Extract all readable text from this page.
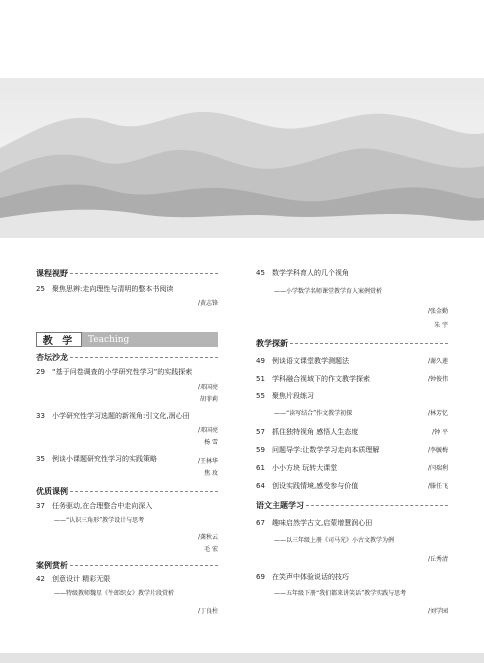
课程视野
25 聚焦思辨:走向理性与清明的整本书阅读
/黄志锋
教 学	Teaching
杏坛沙龙
29 “基于问卷调查的小学研究性学习”的实践探索
/邓国亮
胡菲莉
33 小学研究性学习选题的新视角:引文化,润心田
/邓国亮
杨 雪
35 例谈小课题研究性学习的实践策略	/王林华
焦 玫
优质课例
37 任务驱动,在合理整合中走向深入
——“认识三角形”教学设计与思考
/龚秋云
毛 宏
案例赏析
42 创意设计 精彩无限
——特级教师魏星《牛郎织女》教学片段赏析
/丁良柱
45 数学学科育人的几个视角
——小学数学名师课堂教学育人案例赏析
/张金勤
朱 宇
教学探新
49 例谈语文课堂教学测题法	/谢久莲
51 学科融合视域下的作文教学探索	/钟俊伟
55 聚焦片段练习
——“读写结合”作文教学初探	/林芳忆
57 抓住独特视角 感悟人生态度	/钟 平
59 问题导学:让数学学习走向本质理解	/李毓梅
61 小小方块 玩转大课堂	/闫瑞利
64 创设实践情境,感受参与价值	/滕任飞
语文主题学习
67 趣味启然学古文,启蒙增慧润心田
——以三年级上册《司马光》小古文教学为例
/丘秀清
69 在笑声中体验说话的技巧
——五年级下册“我们都来讲笑话”教学实践与思考
/刘学园
